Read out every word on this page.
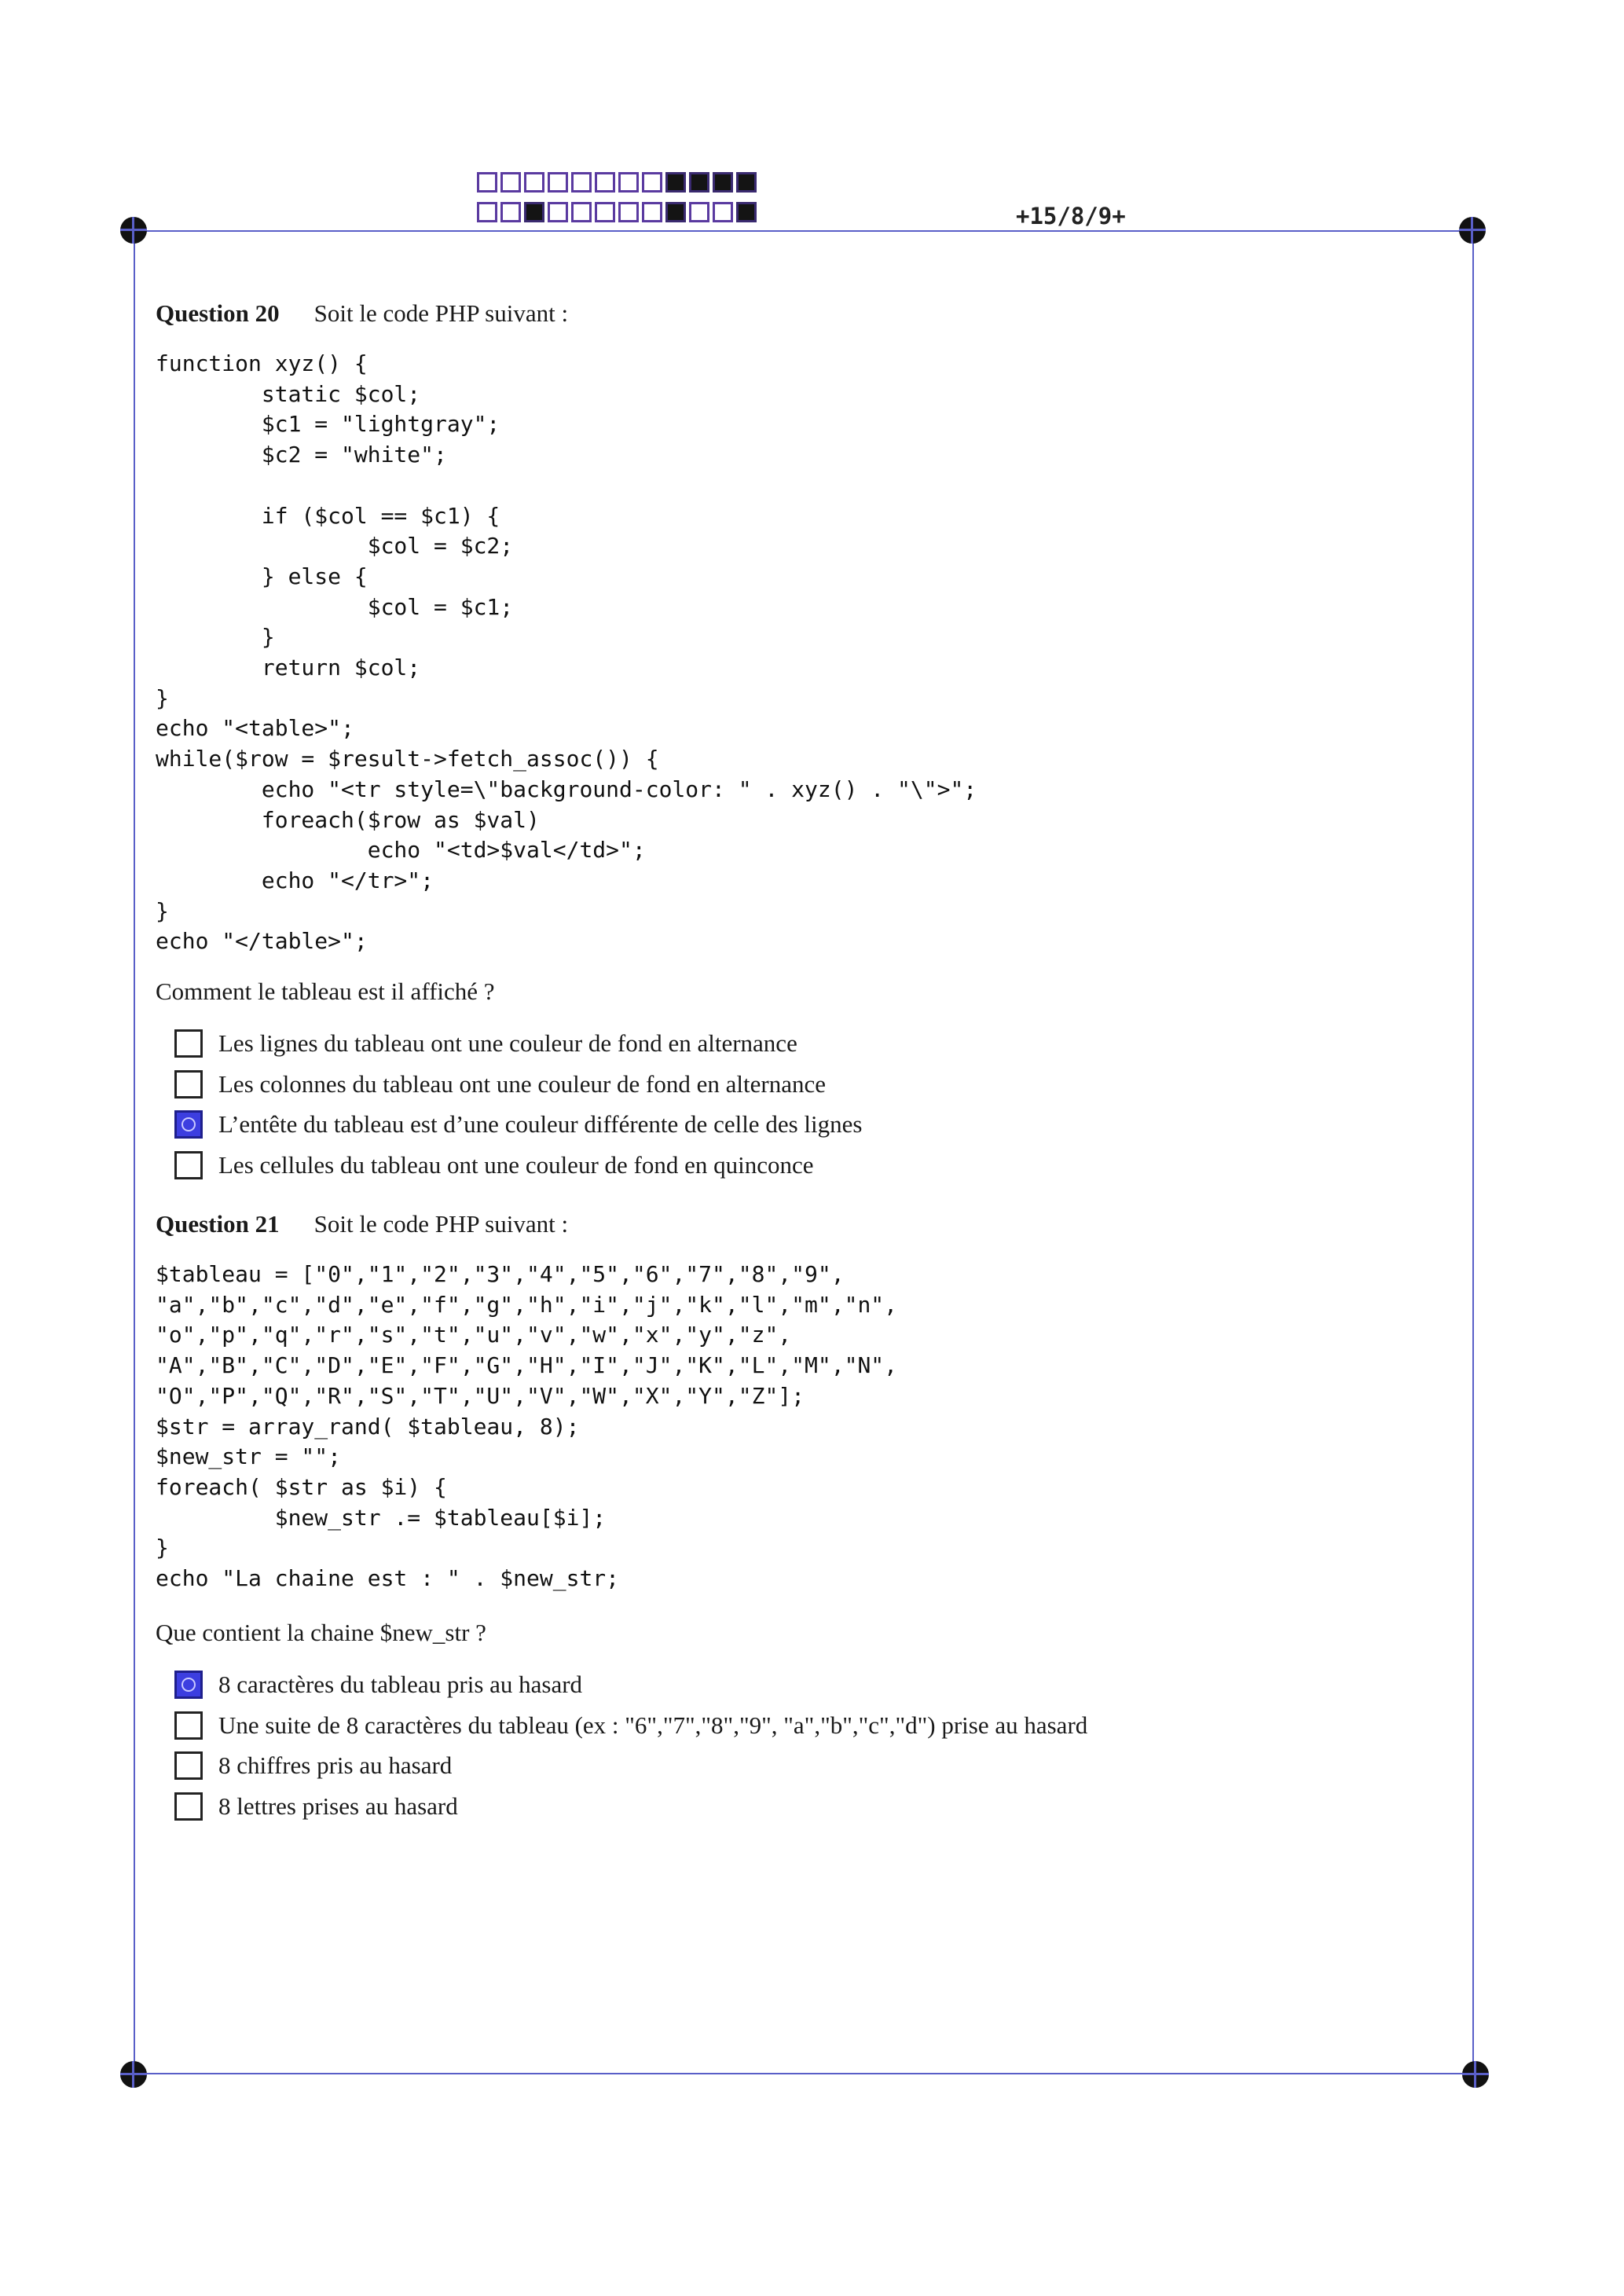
+15/8/9+
Question 20 Soit le code PHP suivant :
function xyz() {
static $col;
$c1 = "lightgray";
$c2 = "white";

if ($col == $c1) {
$col = $c2;
} else {
$col = $c1;
}
return $col;
}
echo "<table>";
while($row = $result->fetch_assoc()) {
echo "<tr style=\"background-color: " . xyz() . "\">";
foreach($row as $val)
echo "<td>$val</td>";
echo "</tr>";
}
echo "</table>";
Comment le tableau est il affiché ?
Les lignes du tableau ont une couleur de fond en alternance
Les colonnes du tableau ont une couleur de fond en alternance
L’entête du tableau est d’une couleur différente de celle des lignes
Les cellules du tableau ont une couleur de fond en quinconce
Question 21 Soit le code PHP suivant :
$tableau = ["0","1","2","3","4","5","6","7","8","9",
"a","b","c","d","e","f","g","h","i","j","k","l","m","n",
"o","p","q","r","s","t","u","v","w","x","y","z",
"A","B","C","D","E","F","G","H","I","J","K","L","M","N",
"O","P","Q","R","S","T","U","V","W","X","Y","Z"];
$str = array_rand( $tableau, 8);
$new_str = "";
foreach( $str as $i) {
$new_str .= $tableau[$i];
}
echo "La chaine est : " . $new_str;
Que contient la chaine $new_str ?
8 caractères du tableau pris au hasard
Une suite de 8 caractères du tableau (ex : "6","7","8","9", "a","b","c","d") prise au hasard
8 chiffres pris au hasard
8 lettres prises au hasard
